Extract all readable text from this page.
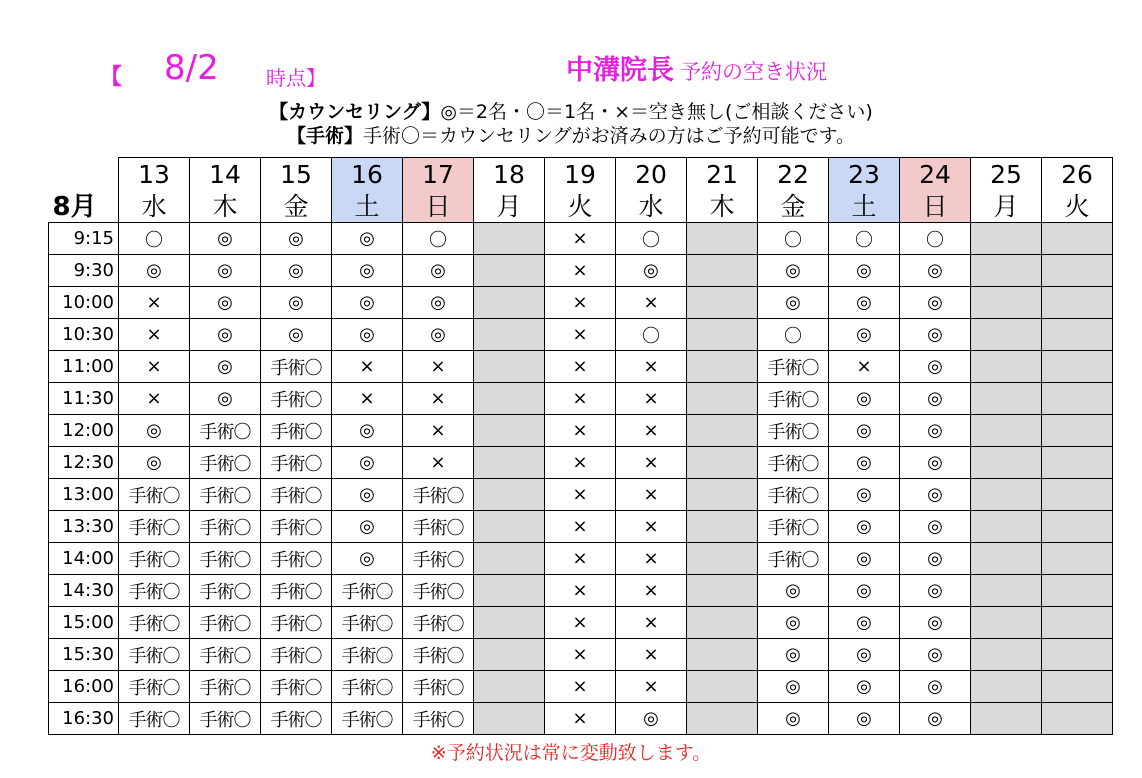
【 8/2 時点】	中溝院長 予約の空き状況
【カウンセリング】◎＝2名・〇＝1名・×＝空き無し(ご相談ください)
【手術】手術〇＝カウンセリングがお済みの方はご予約可能です。
8月	13	14	15	16	17	18	19	20	21	22	23	24	25	26
	水	木	金	土	日	月	火	水	木	金	土	日	月	火
9:15	〇	◎	◎	◎	〇		×	〇		〇	〇	〇		
9:30	◎	◎	◎	◎	◎		×	◎		◎	◎	◎		
10:00	×	◎	◎	◎	◎		×	×		◎	◎	◎		
10:30	×	◎	◎	◎	◎		×	〇		〇	◎	◎		
11:00	×	◎	手術〇	×	×		×	×		手術〇	×	◎		
11:30	×	◎	手術〇	×	×		×	×		手術〇	◎	◎		
12:00	◎	手術〇	手術〇	◎	×		×	×		手術〇	◎	◎		
12:30	◎	手術〇	手術〇	◎	×		×	×		手術〇	◎	◎		
13:00	手術〇	手術〇	手術〇	◎	手術〇		×	×		手術〇	◎	◎		
13:30	手術〇	手術〇	手術〇	◎	手術〇		×	×		手術〇	◎	◎		
14:00	手術〇	手術〇	手術〇	◎	手術〇		×	×		手術〇	◎	◎		
14:30	手術〇	手術〇	手術〇	手術〇	手術〇		×	×		◎	◎	◎		
15:00	手術〇	手術〇	手術〇	手術〇	手術〇		×	×		◎	◎	◎		
15:30	手術〇	手術〇	手術〇	手術〇	手術〇		×	×		◎	◎	◎		
16:00	手術〇	手術〇	手術〇	手術〇	手術〇		×	×		◎	◎	◎		
16:30	手術〇	手術〇	手術〇	手術〇	手術〇		×	◎		◎	◎	◎		
※予約状況は常に変動致します。
